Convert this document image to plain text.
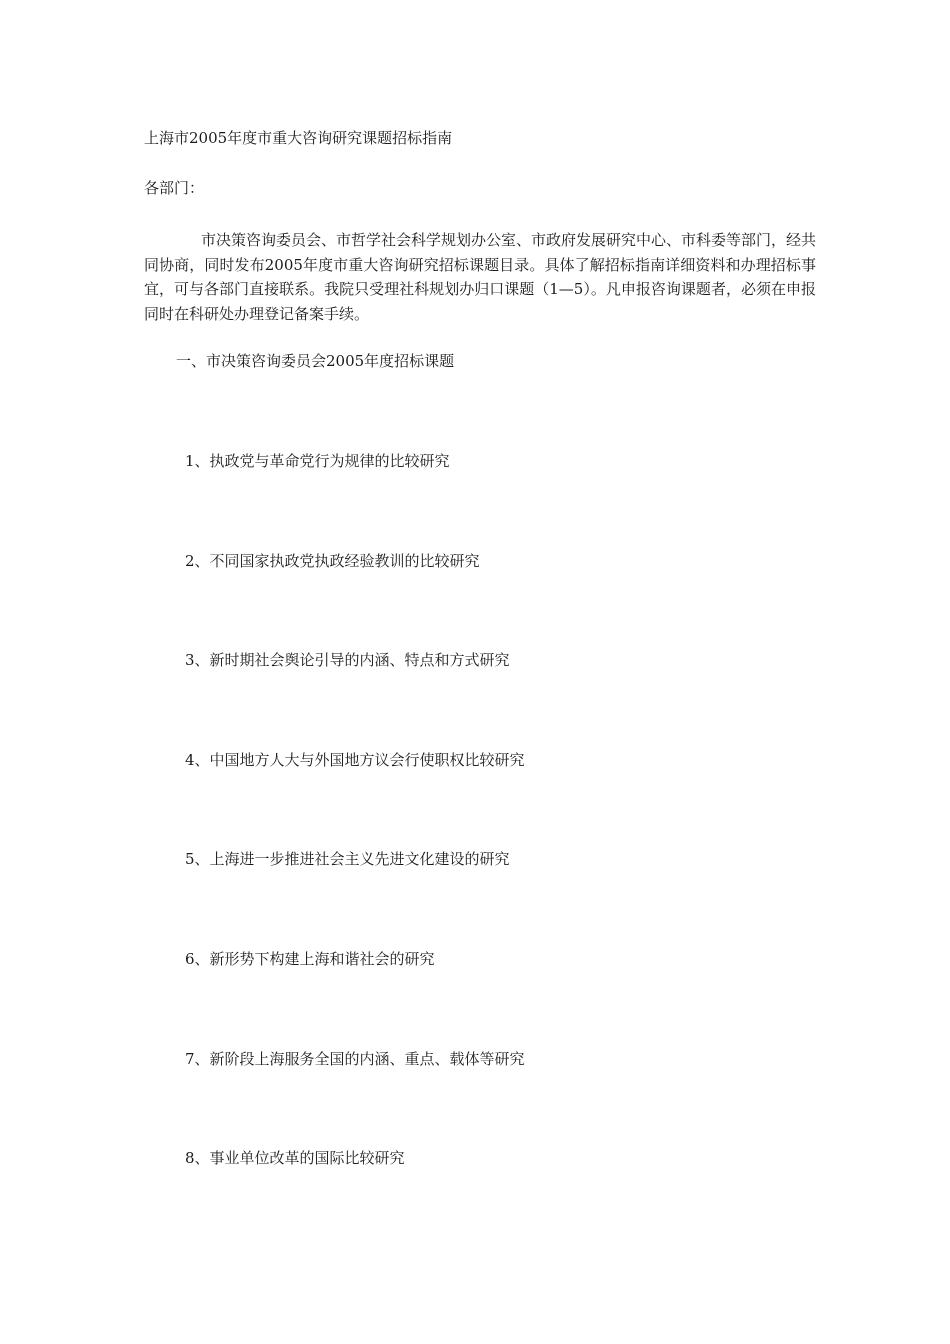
上海市2005年度市重大咨询研究课题招标指南
各部门：
市决策咨询委员会、市哲学社会科学规划办公室、市政府发展研究中心、市科委等部门，经共同协商，同时发布2005年度市重大咨询研究招标课题目录。具体了解招标指南详细资料和办理招标事宜，可与各部门直接联系。我院只受理社科规划办归口课题（1—5）。凡申报咨询课题者，必须在申报同时在科研处办理登记备案手续。
一、市决策咨询委员会2005年度招标课题
1、执政党与革命党行为规律的比较研究
2、不同国家执政党执政经验教训的比较研究
3、新时期社会舆论引导的内涵、特点和方式研究
4、中国地方人大与外国地方议会行使职权比较研究
5、上海进一步推进社会主义先进文化建设的研究
6、新形势下构建上海和谐社会的研究
7、新阶段上海服务全国的内涵、重点、载体等研究
8、事业单位改革的国际比较研究
